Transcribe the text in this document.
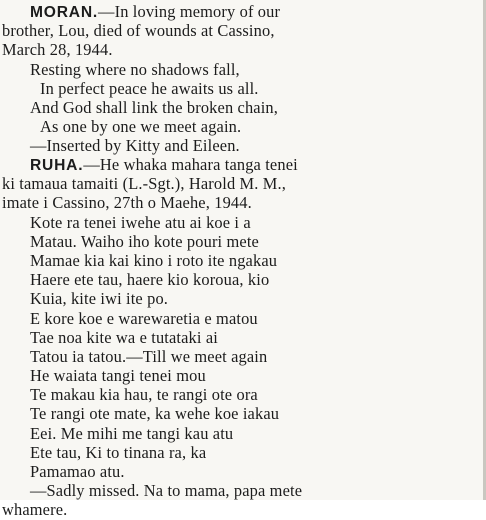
MORAN.—In loving memory of our
brother, Lou, died of wounds at Cassino,
March 28, 1944.
Resting where no shadows fall,
In perfect peace he awaits us all.
And God shall link the broken chain,
As one by one we meet again.
—Inserted by Kitty and Eileen.
RUHA.—He whaka mahara tanga tenei
ki tamaua tamaiti (L.-Sgt.), Harold M. M.,
imate i Cassino, 27th o Maehe, 1944.
Kote ra tenei iwehe atu ai koe i a
Matau. Waiho iho kote pouri mete
Mamae kia kai kino i roto ite ngakau
Haere ete tau, haere kio koroua, kio
Kuia, kite iwi ite po.
E kore koe e warewaretia e matou
Tae noa kite wa e tutataki ai
Tatou ia tatou.—Till we meet again
He waiata tangi tenei mou
Te makau kia hau, te rangi ote ora
Te rangi ote mate, ka wehe koe iakau
Eei. Me mihi me tangi kau atu
Ete tau, Ki to tinana ra, ka
Pamamao atu.
—Sadly missed. Na to mama, papa mete
whamere.
